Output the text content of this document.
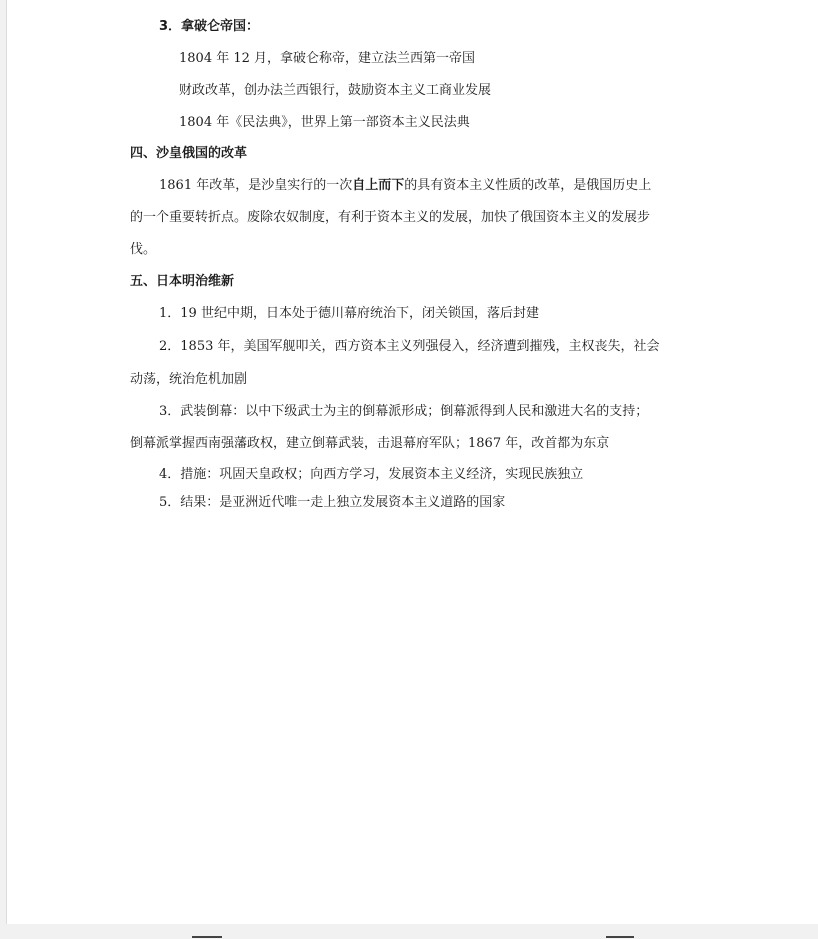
3．拿破仑帝国：
1804 年 12 月，拿破仑称帝，建立法兰西第一帝国
财政改革，创办法兰西银行，鼓励资本主义工商业发展
1804 年《民法典》，世界上第一部资本主义民法典
四、沙皇俄国的改革
1861 年改革，是沙皇实行的一次自上而下的具有资本主义性质的改革，是俄国历史上
的一个重要转折点。废除农奴制度，有利于资本主义的发展，加快了俄国资本主义的发展步
伐。
五、日本明治维新
1．19 世纪中期，日本处于德川幕府统治下，闭关锁国，落后封建
2．1853 年，美国军舰叩关，西方资本主义列强侵入，经济遭到摧残，主权丧失，社会
动荡，统治危机加剧
3．武装倒幕：以中下级武士为主的倒幕派形成；倒幕派得到人民和激进大名的支持；
倒幕派掌握西南强藩政权，建立倒幕武装，击退幕府军队；1867 年，改首都为东京
4．措施：巩固天皇政权；向西方学习，发展资本主义经济，实现民族独立
5．结果：是亚洲近代唯一走上独立发展资本主义道路的国家
